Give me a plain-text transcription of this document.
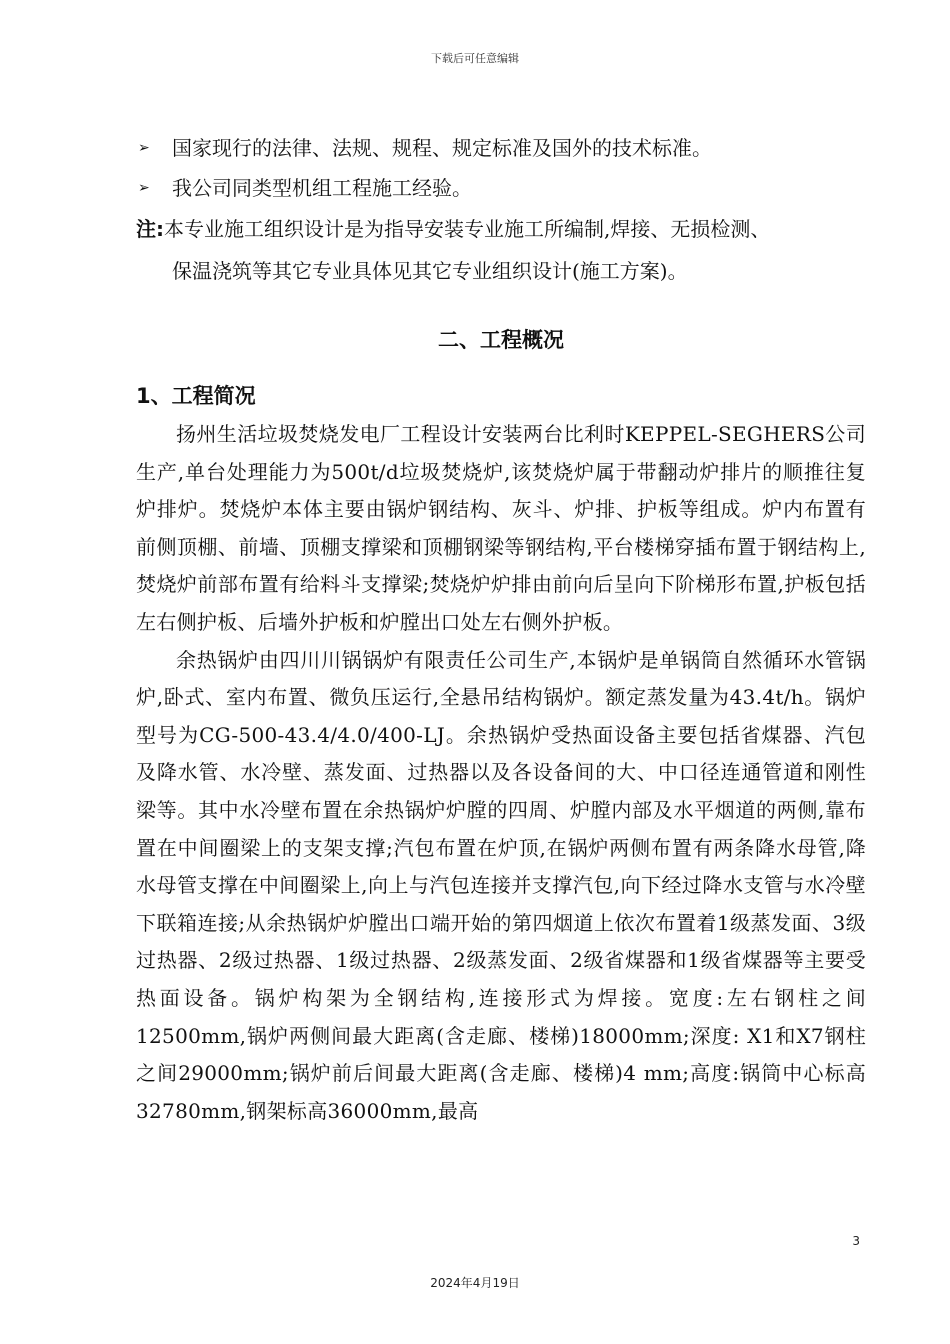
下载后可任意编辑
➢ 国家现行的法律、法规、规程、规定标准及国外的技术标准。
➢ 我公司同类型机组工程施工经验。
注:本专业施工组织设计是为指导安装专业施工所编制,焊接、无损检测、
保温浇筑等其它专业具体见其它专业组织设计(施工方案)。
二、工程概况
1、工程简况

扬州生活垃圾焚烧发电厂工程设计安装两台比利时KEPPEL-SEGHERS公司生产,单台处理能力为500t/d垃圾焚烧炉,该焚烧炉属于带翻动炉排片的顺推往复炉排炉。焚烧炉本体主要由锅炉钢结构、灰斗、炉排、护板等组成。炉内布置有前侧顶棚、前墙、顶棚支撑梁和顶棚钢梁等钢结构,平台楼梯穿插布置于钢结构上,焚烧炉前部布置有给料斗支撑梁;焚烧炉炉排由前向后呈向下阶梯形布置,护板包括左右侧护板、后墙外护板和炉膛出口处左右侧外护板。

余热锅炉由四川川锅锅炉有限责任公司生产,本锅炉是单锅筒自然循环水管锅炉,卧式、室内布置、微负压运行,全悬吊结构锅炉。额定蒸发量为43.4t/h。锅炉型号为CG-500-43.4/4.0/400-LJ。余热锅炉受热面设备主要包括省煤器、汽包及降水管、水冷壁、蒸发面、过热器以及各设备间的大、中口径连通管道和刚性梁等。其中水冷壁布置在余热锅炉炉膛的四周、炉膛内部及水平烟道的两侧,靠布置在中间圈梁上的支架支撑;汽包布置在炉顶,在锅炉两侧布置有两条降水母管,降水母管支撑在中间圈梁上,向上与汽包连接并支撑汽包,向下经过降水支管与水冷壁下联箱连接;从余热锅炉炉膛出口端开始的第四烟道上依次布置着1级蒸发面、3级过热器、2级过热器、1级过热器、2级蒸发面、2级省煤器和1级省煤器等主要受热面设备。锅炉构架为全钢结构,连接形式为焊接。宽度:左右钢柱之间12500mm,锅炉两侧间最大距离(含走廊、楼梯)18000mm;深度: X1和X7钢柱之间29000mm;锅炉前后间最大距离(含走廊、楼梯)4 mm;高度:锅筒中心标高32780mm,钢架标高36000mm,最高

3
2024年4月19日
